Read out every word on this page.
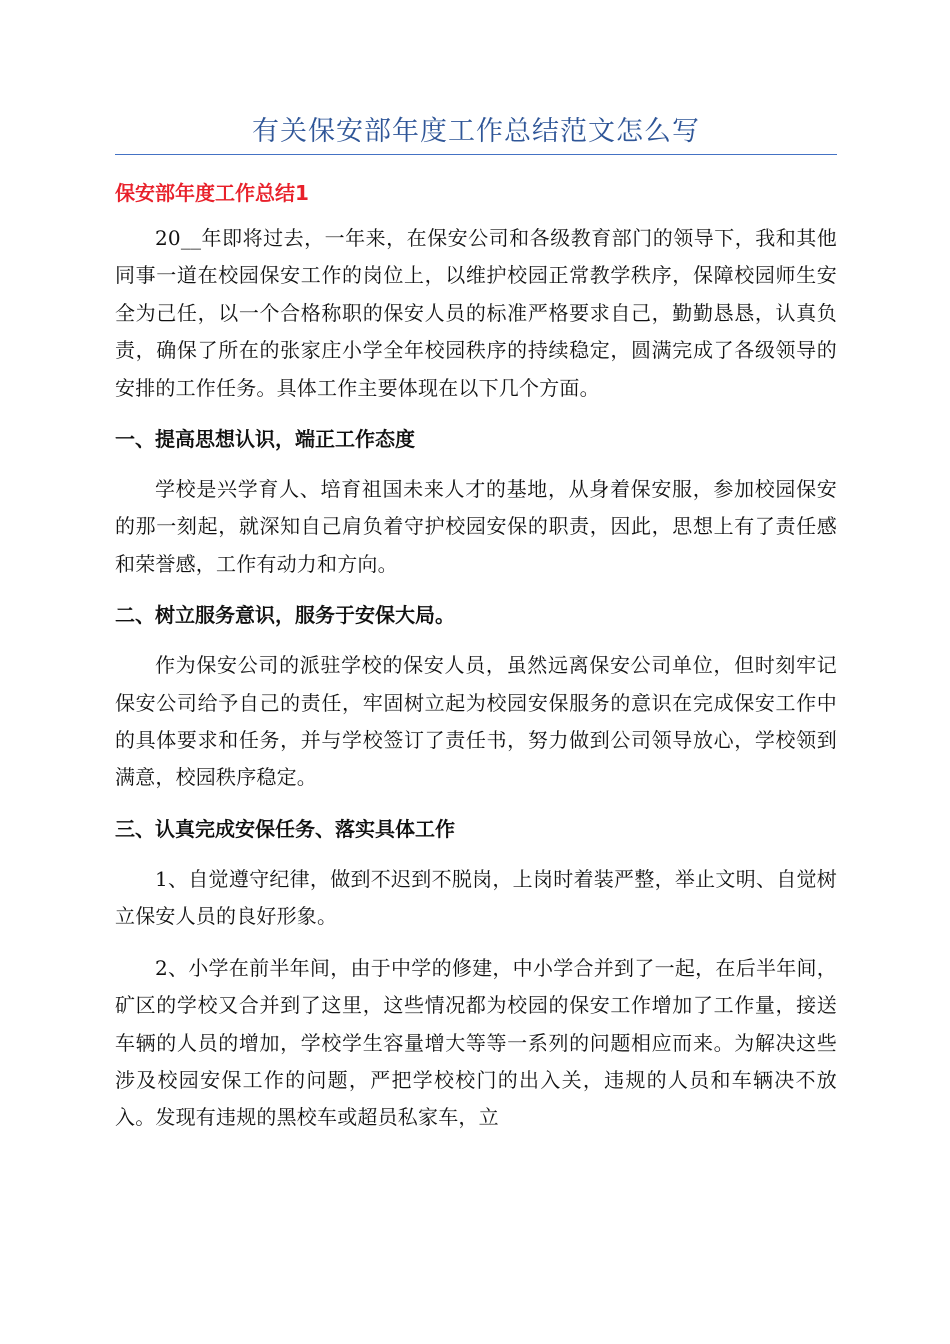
有关保安部年度工作总结范文怎么写
保安部年度工作总结1

20__年即将过去，一年来，在保安公司和各级教育部门的领导下，我和其他同事一道在校园保安工作的岗位上，以维护校园正常教学秩序，保障校园师生安全为己任，以一个合格称职的保安人员的标准严格要求自己，勤勤恳恳，认真负责，确保了所在的张家庄小学全年校园秩序的持续稳定，圆满完成了各级领导的安排的工作任务。具体工作主要体现在以下几个方面。

一、提高思想认识，端正工作态度

学校是兴学育人、培育祖国未来人才的基地，从身着保安服，参加校园保安的那一刻起，就深知自己肩负着守护校园安保的职责，因此，思想上有了责任感和荣誉感，工作有动力和方向。

二、树立服务意识，服务于安保大局。

作为保安公司的派驻学校的保安人员，虽然远离保安公司单位，但时刻牢记保安公司给予自己的责任，牢固树立起为校园安保服务的意识在完成保安工作中的具体要求和任务，并与学校签订了责任书，努力做到公司领导放心，学校领到满意，校园秩序稳定。

三、认真完成安保任务、落实具体工作

1、自觉遵守纪律，做到不迟到不脱岗，上岗时着装严整，举止文明、自觉树立保安人员的良好形象。

2、小学在前半年间，由于中学的修建，中小学合并到了一起，在后半年间，矿区的学校又合并到了这里，这些情况都为校园的保安工作增加了工作量，接送车辆的人员的增加，学校学生容量增大等等一系列的问题相应而来。为解决这些涉及校园安保工作的问题，严把学校校门的出入关，违规的人员和车辆决不放入。发现有违规的黑校车或超员私家车，立
